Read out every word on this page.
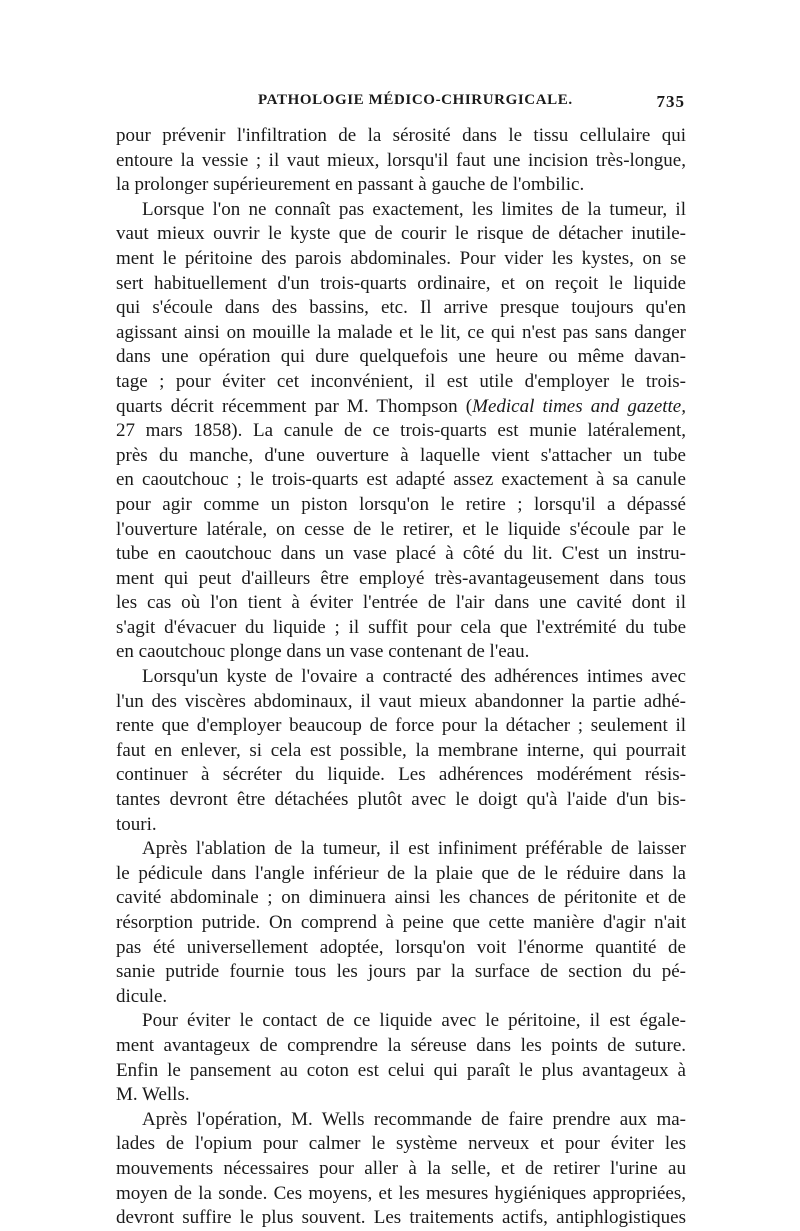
PATHOLOGIE MÉDICO-CHIRURGICALE.	735
pour prévenir l'infiltration de la sérosité dans le tissu cellulaire qui
entoure la vessie ; il vaut mieux, lorsqu'il faut une incision très-longue,
la prolonger supérieurement en passant à gauche de l'ombilic.
Lorsque l'on ne connaît pas exactement, les limites de la tumeur, il
vaut mieux ouvrir le kyste que de courir le risque de détacher inutile-
ment le péritoine des parois abdominales. Pour vider les kystes, on se
sert habituellement d'un trois-quarts ordinaire, et on reçoit le liquide
qui s'écoule dans des bassins, etc. Il arrive presque toujours qu'en
agissant ainsi on mouille la malade et le lit, ce qui n'est pas sans danger
dans une opération qui dure quelquefois une heure ou même davan-
tage ; pour éviter cet inconvénient, il est utile d'employer le trois-
quarts décrit récemment par M. Thompson (Medical times and gazette,
27 mars 1858). La canule de ce trois-quarts est munie latéralement,
près du manche, d'une ouverture à laquelle vient s'attacher un tube
en caoutchouc ; le trois-quarts est adapté assez exactement à sa canule
pour agir comme un piston lorsqu'on le retire ; lorsqu'il a dépassé
l'ouverture latérale, on cesse de le retirer, et le liquide s'écoule par le
tube en caoutchouc dans un vase placé à côté du lit. C'est un instru-
ment qui peut d'ailleurs être employé très-avantageusement dans tous
les cas où l'on tient à éviter l'entrée de l'air dans une cavité dont il
s'agit d'évacuer du liquide ; il suffit pour cela que l'extrémité du tube
en caoutchouc plonge dans un vase contenant de l'eau.
Lorsqu'un kyste de l'ovaire a contracté des adhérences intimes avec
l'un des viscères abdominaux, il vaut mieux abandonner la partie adhé-
rente que d'employer beaucoup de force pour la détacher ; seulement il
faut en enlever, si cela est possible, la membrane interne, qui pourrait
continuer à sécréter du liquide. Les adhérences modérément résis-
tantes devront être détachées plutôt avec le doigt qu'à l'aide d'un bis-
touri.
Après l'ablation de la tumeur, il est infiniment préférable de laisser
le pédicule dans l'angle inférieur de la plaie que de le réduire dans la
cavité abdominale ; on diminuera ainsi les chances de péritonite et de
résorption putride. On comprend à peine que cette manière d'agir n'ait
pas été universellement adoptée, lorsqu'on voit l'énorme quantité de
sanie putride fournie tous les jours par la surface de section du pé-
dicule.
Pour éviter le contact de ce liquide avec le péritoine, il est égale-
ment avantageux de comprendre la séreuse dans les points de suture.
Enfin le pansement au coton est celui qui paraît le plus avantageux à
M. Wells.
Après l'opération, M. Wells recommande de faire prendre aux ma-
lades de l'opium pour calmer le système nerveux et pour éviter les
mouvements nécessaires pour aller à la selle, et de retirer l'urine au
moyen de la sonde. Ces moyens, et les mesures hygiéniques appropriées,
devront suffire le plus souvent. Les traitements actifs, antiphlogistiques
